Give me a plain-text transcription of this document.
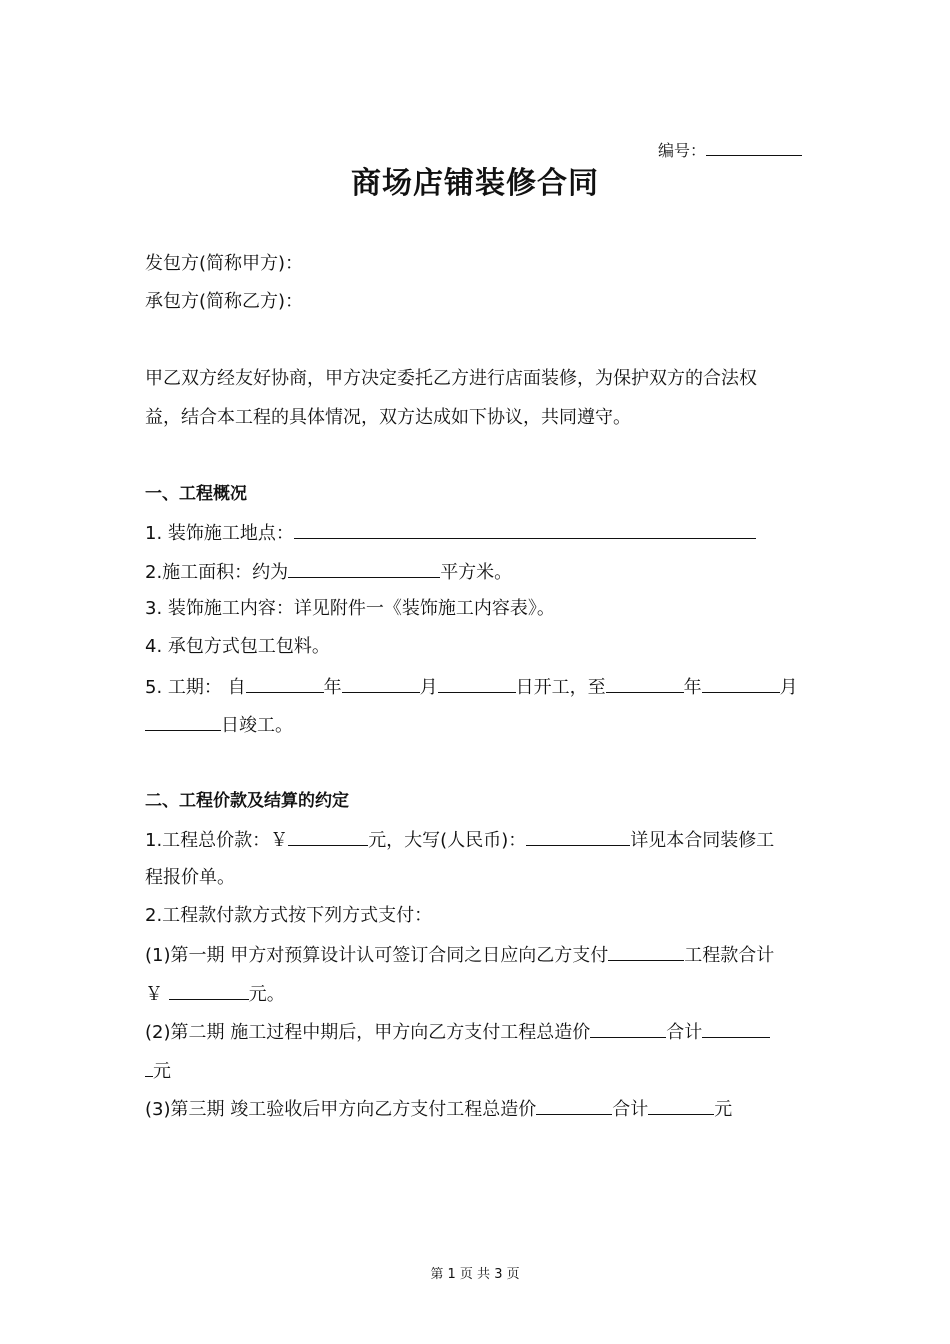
编号：
商场店铺装修合同
发包方(简称甲方)：
承包方(简称乙方)：
甲乙双方经友好协商，甲方决定委托乙方进行店面装修，为保护双方的合法权
益，结合本工程的具体情况，双方达成如下协议，共同遵守。
一、工程概况
1. 装饰施工地点：
2.施工面积：约为	平方米。
3. 装饰施工内容：详见附件一《装饰施工内容表》。
4. 承包方式包工包料。
5. 工期： 自	年	月	日开工，至	年	月
日竣工。
二、工程价款及结算的约定
1.工程总价款：￥	元，大写(人民币)：	详见本合同装修工
程报价单。
2.工程款付款方式按下列方式支付：
(1)第一期 甲方对预算设计认可签订合同之日应向乙方支付	工程款合计
￥	元。
(2)第二期 施工过程中期后，甲方向乙方支付工程总造价	合计
元
(3)第三期 竣工验收后甲方向乙方支付工程总造价	合计	元
第 1 页 共 3 页
